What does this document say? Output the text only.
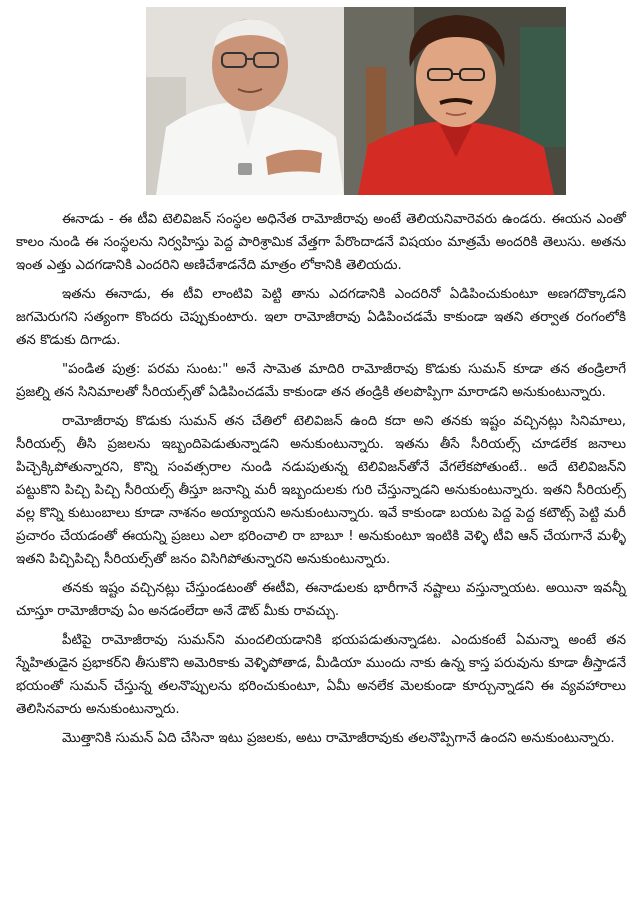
ఈనాడు - ఈ టీవి టెలివిజన్ సంస్థల అధినేత రామోజీరావు అంటే తెలియనివారెవరు ఉండరు. ఈయన ఎంతో కాలం నుండి ఈ సంస్థలను నిర్వహిస్తు పెద్ద పారిశ్రామిక వేత్తగా పేరొందాడనే విషయం మాత్రమే అందరికి తెలుసు. అతను ఇంత ఎత్తు ఎదగడానికి ఎందరిని అణిచేశాడనేది మాత్రం లోకానికి తెలియదు.

ఇతను ఈనాడు, ఈ టీవి లాంటివి పెట్టి తాను ఎదగడానికి ఎందరినో ఏడిపించుకుంటూ అణగదొక్కాడని జగమెరుగని సత్యంగా కొందరు చెప్పుకుంటారు. ఇలా రామోజీరావు ఏడిపించడమే కాకుండా ఇతని తర్వాత రంగంలోకి తన కొడుకు దిగాడు.

"పండిత పుత్ర: పరమ సుంట:" అనే సామెత మాదిరి రామోజీరావు కొడుకు సుమన్ కూడా తన తండ్రిలాగే ప్రజల్ని తన సినిమాలతో సీరియల్స్‌తో ఏడిపించడమే కాకుండా తన తండ్రికి తలపొప్పిగా మారాడని అనుకుంటున్నారు.

రామోజీరావు కొడుకు సుమన్ తన చేతిలో టెలివిజన్ ఉంది కదా అని తనకు ఇష్టం వచ్చినట్లు సినిమాలు, సీరియల్స్ తీసి ప్రజలను ఇబ్బందిపెడుతున్నాడని అనుకుంటున్నారు. ఇతను తీసే సీరియల్స్ చూడలేక జనాలు పిచ్చెక్కిపోతున్నారని, కొన్ని సంవత్సరాల నుండి నడుపుతున్న టెలివిజన్‌తోనే వేగలేకపోతుంటే.. అదే టెలివిజన్‌ని పట్టుకొని పిచ్చి పిచ్చి సీరియల్స్ తీస్తూ జనాన్ని మరీ ఇబ్బందులకు గురి చేస్తున్నాడని అనుకుంటున్నారు. ఇతని సీరియల్స్ వల్ల కొన్ని కుటుంబాలు కూడా నాశనం అయ్యాయని అనుకుంటున్నారు. ఇవే కాకుండా బయట పెద్ద పెద్ద కటౌట్స్ పెట్టి మరీ ప్రచారం చేయడంతో ఈయన్ని ప్రజలు ఎలా భరించాలి రా బాబూ ! అనుకుంటూ ఇంటికి వెళ్ళి టీవి ఆన్ చేయగానే మళ్ళీ ఇతని పిచ్చిపిచ్చి సీరియల్స్‌తో జనం విసిగిపోతున్నారని అనుకుంటున్నారు.

తనకు ఇష్టం వచ్చినట్లు చేస్తుండటంతో ఈటీవి, ఈనాడులకు భారీగానే నష్టాలు వస్తున్నాయట. అయినా ఇవన్నీ చూస్తూ రామోజీరావు ఏం అనడంలేదా అనే డౌట్ మీకు రావచ్చు.

పీటిపై రామోజీరావు సుమన్‌ని మందలియడానికి భయపడుతున్నాడట. ఎందుకంటే ఏమన్నా అంటే తన స్నేహితుడైన ప్రభాకర్‌ని తీసుకొని అమెరికాకు వెళ్ళిపోతాడ, మీడియా ముందు నాకు ఉన్న కాస్త పరువును కూడా తీస్తాడనే భయంతో సుమన్ చేస్తున్న తలనొప్పులను భరించుకుంటూ, ఏమీ అనలేక మెలకుండా కూర్చున్నాడని ఈ వ్యవహారాలు తెలిసినవారు అనుకుంటున్నారు.

మొత్తానికి సుమన్ ఏది చేసినా ఇటు ప్రజలకు, అటు రామోజీరావుకు తలనొప్పిగానే ఉందని అనుకుంటున్నారు.
